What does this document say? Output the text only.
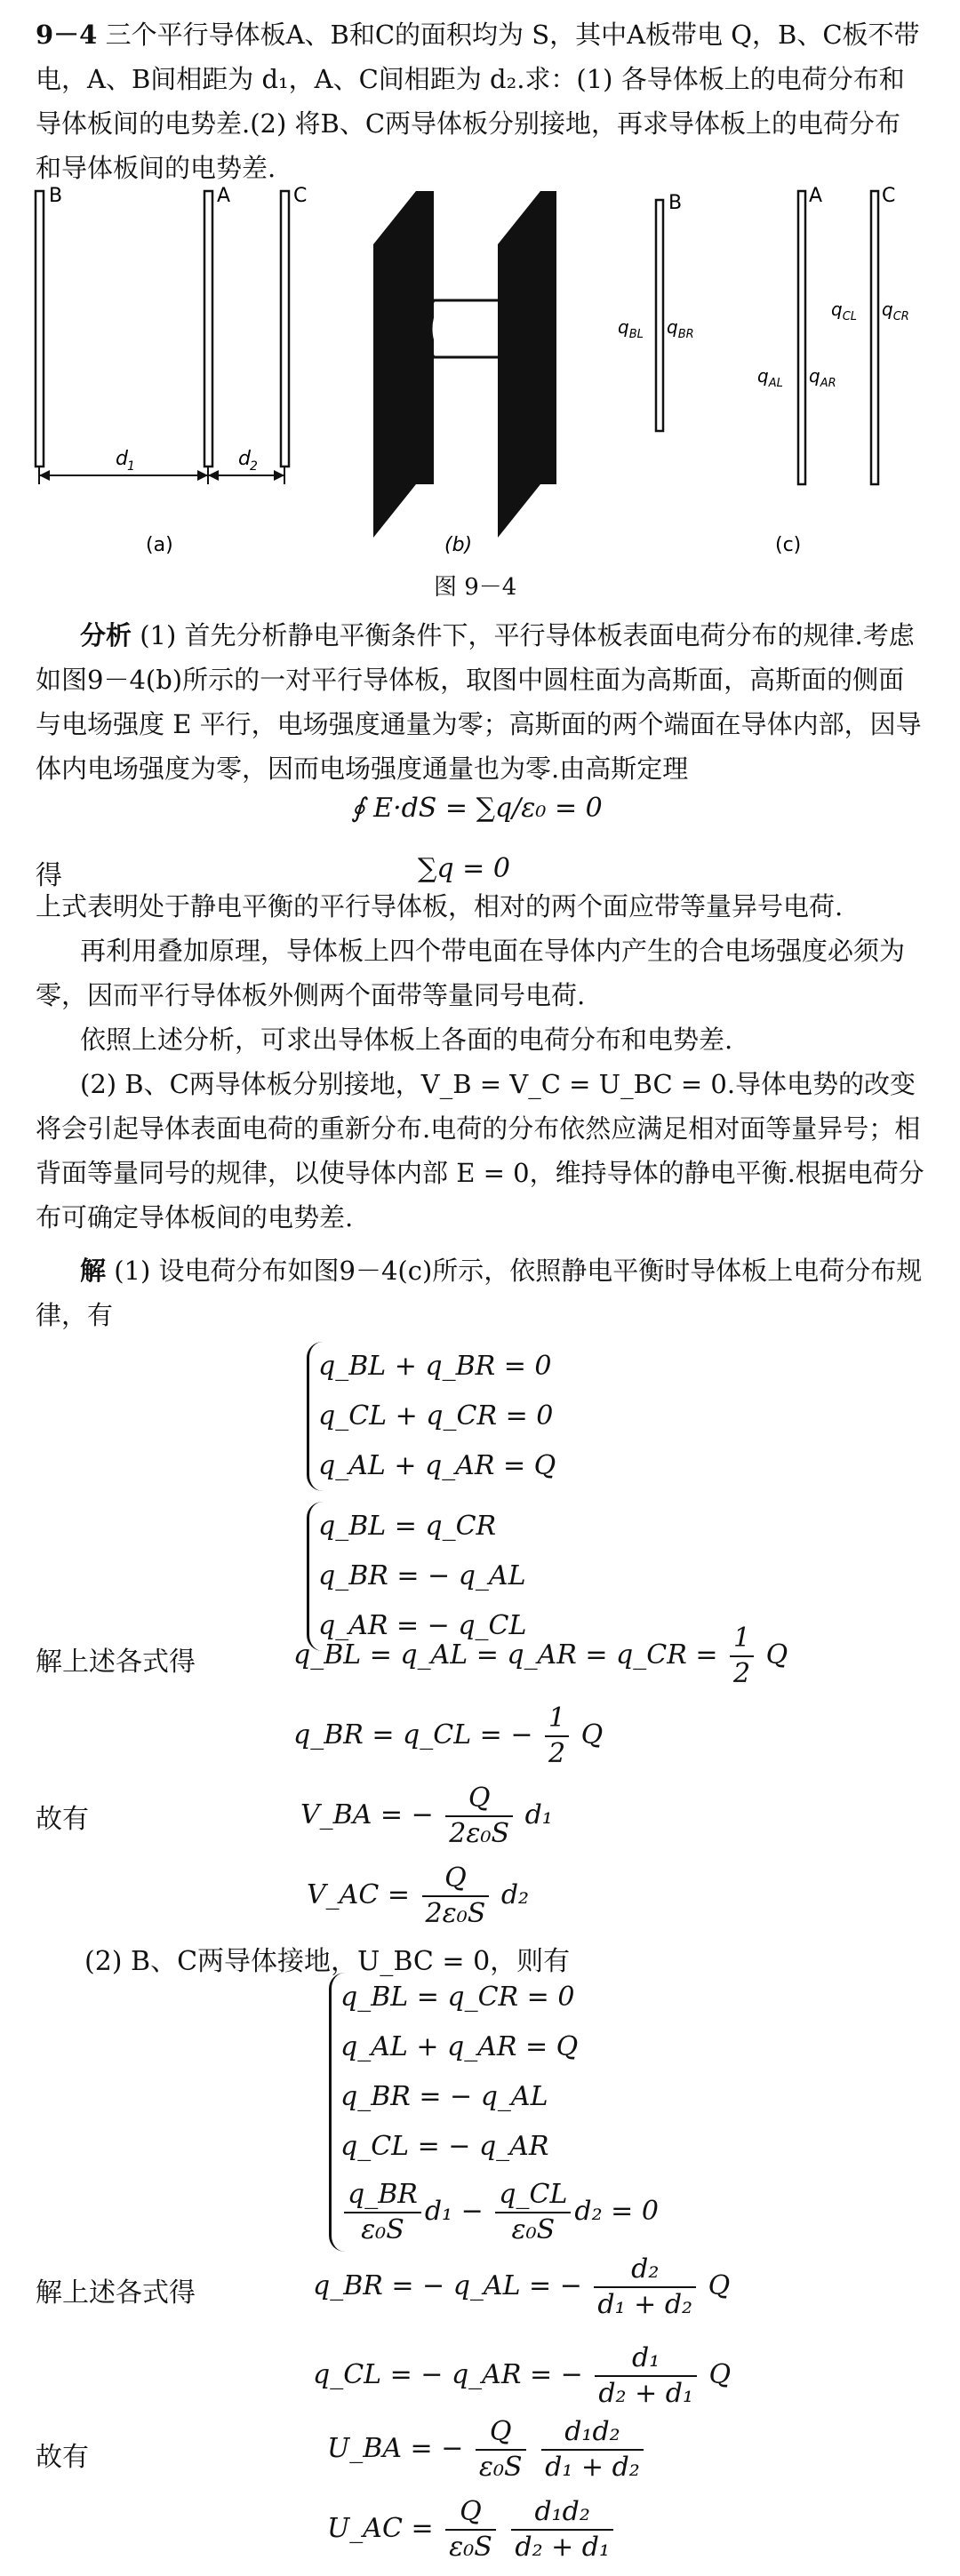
9－4 三个平行导体板A、B和C的面积均为 S，其中A板带电 Q，B、C板不带电，A、B间相距为 d₁，A、C间相距为 d₂.求：(1) 各导体板上的电荷分布和导体板间的电势差.(2) 将B、C两导体板分别接地，再求导体板上的电荷分布和导体板间的电势差.
B	A	C
d 1	d 2
(a)	(b)
B	A	C
$q_{BL}$ $q_{BR}$
$q_{AL}$ $q_{AR}$
$q_{CL}$ $q_{CR}$
(c)
图 9－4
分析 (1) 首先分析静电平衡条件下，平行导体板表面电荷分布的规律.考虑如图9－4(b)所示的一对平行导体板，取图中圆柱面为高斯面，高斯面的侧面与电场强度 E 平行，电场强度通量为零；高斯面的两个端面在导体内部，因导体内电场强度为零，因而电场强度通量也为零.由高斯定理
∮ E·dS = ∑q/ε₀ = 0
得	∑q = 0
上式表明处于静电平衡的平行导体板，相对的两个面应带等量异号电荷.
再利用叠加原理，导体板上四个带电面在导体内产生的合电场强度必须为零，因而平行导体板外侧两个面带等量同号电荷.
依照上述分析，可求出导体板上各面的电荷分布和电势差.
(2) B、C两导体板分别接地，V_B = V_C = U_BC = 0.导体电势的改变将会引起导体表面电荷的重新分布.电荷的分布依然应满足相对面等量异号；相背面等量同号的规律，以使导体内部 E = 0，维持导体的静电平衡.根据电荷分布可确定导体板间的电势差.
解 (1) 设电荷分布如图9－4(c)所示，依照静电平衡时导体板上电荷分布规律，有
q_BL + q_BR = 0
q_CL + q_CR = 0
q_AL + q_AR = Q
q_BL = q_CR
q_BR = − q_AL
q_AR = − q_CL
解上述各式得	q_BL = q_AL = q_AR = q_CR = $\frac{1}{2}$ Q
q_BR = q_CL = − $\frac{1}{2}$ Q
故有	V_BA = − $\frac{Q}{\text{2ε₀S}} d_1$
V_AC = $\frac{Q}{\text{2ε₀S}} d_2$
(2) B、C两导体接地，U_BC = 0，则有
q_BL = q_CR = 0
q_AL + q_AR = Q
q_BR = − q_AL
q_CL = − q_AR
$\frac{q\_BR}{\text{ε₀S}} d_1 - \frac{q\_CL}{\text{ε₀S}} d_2 = 0$
解上述各式得	q_BR = − q_AL = − $\frac{\text{d₂}}{\text{d₁ + d₂}}$ Q
q_CL = − q_AR = − $\frac{\text{d₁}}{\text{d₂ + d₁}}$ Q
故有	U_BA = − $\frac{Q}{\text{ε₀S}}$
$\frac{\text{d₁d₂}}{\text{d₁ + d₂}}$
U_AC = $\frac{Q}{\text{ε₀S}}$
$\frac{\text{d₁d₂}}{\text{d₂ + d₁}}$
